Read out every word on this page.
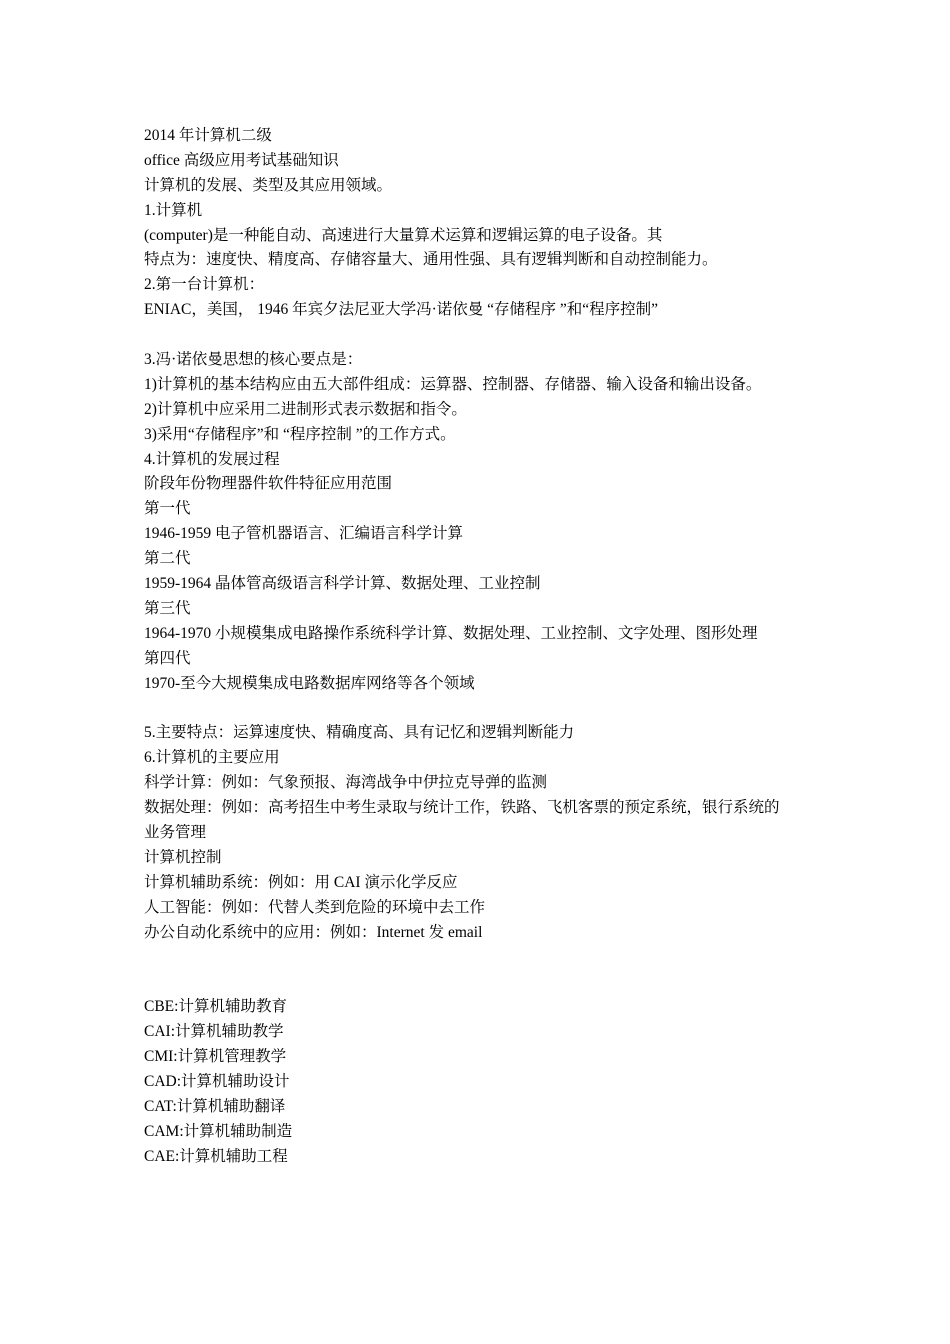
2014 年计算机二级
office 高级应用考试基础知识
计算机的发展、类型及其应用领域。
1.计算机
(computer)是一种能自动、高速进行大量算术运算和逻辑运算的电子设备。其
特点为：速度快、精度高、存储容量大、通用性强、具有逻辑判断和自动控制能力。
2.第一台计算机：
ENIAC，美国， 1946 年宾夕法尼亚大学冯·诺依曼 “存储程序 ”和“程序控制”
3.冯·诺依曼思想的核心要点是：
1)计算机的基本结构应由五大部件组成：运算器、控制器、存储器、输入设备和输出设备。
2)计算机中应采用二进制形式表示数据和指令。
3)采用“存储程序”和 “程序控制 ”的工作方式。
4.计算机的发展过程
阶段年份物理器件软件特征应用范围
第一代
1946-1959 电子管机器语言、汇编语言科学计算
第二代
1959-1964 晶体管高级语言科学计算、数据处理、工业控制
第三代
1964-1970 小规模集成电路操作系统科学计算、数据处理、工业控制、文字处理、图形处理
第四代
1970-至今大规模集成电路数据库网络等各个领域
5.主要特点：运算速度快、精确度高、具有记忆和逻辑判断能力
6.计算机的主要应用
科学计算：例如：气象预报、海湾战争中伊拉克导弹的监测
数据处理：例如：高考招生中考生录取与统计工作，铁路、飞机客票的预定系统，银行系统的
业务管理
计算机控制
计算机辅助系统：例如：用 CAI 演示化学反应
人工智能：例如：代替人类到危险的环境中去工作
办公自动化系统中的应用：例如：Internet 发 email
CBE:计算机辅助教育
CAI:计算机辅助教学
CMI:计算机管理教学
CAD:计算机辅助设计
CAT:计算机辅助翻译
CAM:计算机辅助制造
CAE:计算机辅助工程
